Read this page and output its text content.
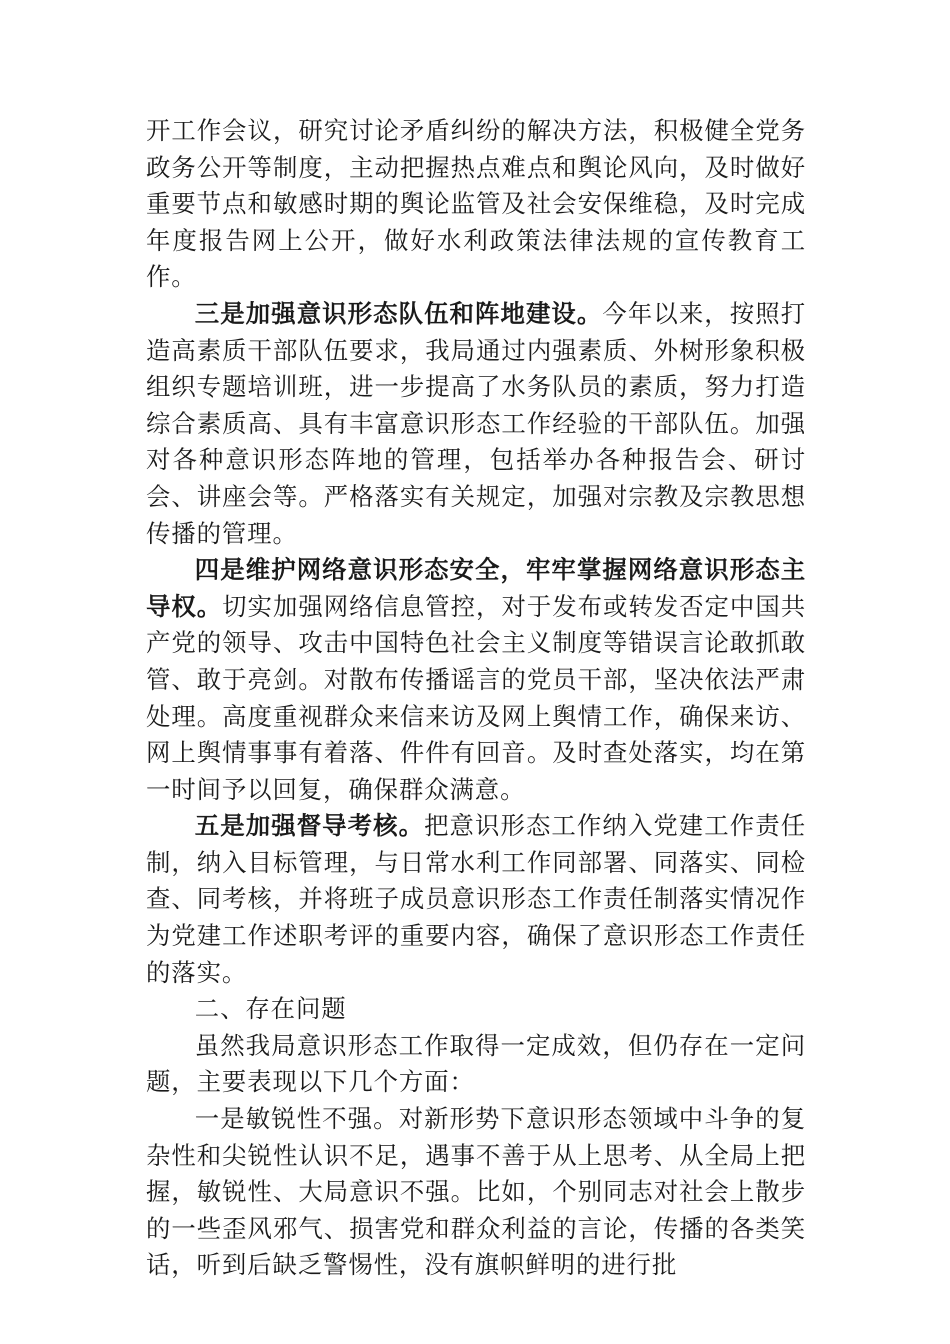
开工作会议，研究讨论矛盾纠纷的解决方法，积极健全党务政务公开等制度，主动把握热点难点和舆论风向，及时做好重要节点和敏感时期的舆论监管及社会安保维稳，及时完成年度报告网上公开，做好水利政策法律法规的宣传教育工作。

三是加强意识形态队伍和阵地建设。今年以来，按照打造高素质干部队伍要求，我局通过内强素质、外树形象积极组织专题培训班，进一步提高了水务队员的素质，努力打造综合素质高、具有丰富意识形态工作经验的干部队伍。加强对各种意识形态阵地的管理，包括举办各种报告会、研讨会、讲座会等。严格落实有关规定，加强对宗教及宗教思想传播的管理。

四是维护网络意识形态安全，牢牢掌握网络意识形态主导权。切实加强网络信息管控，对于发布或转发否定中国共产党的领导、攻击中国特色社会主义制度等错误言论敢抓敢管、敢于亮剑。对散布传播谣言的党员干部，坚决依法严肃处理。高度重视群众来信来访及网上舆情工作，确保来访、网上舆情事事有着落、件件有回音。及时查处落实，均在第一时间予以回复，确保群众满意。

五是加强督导考核。把意识形态工作纳入党建工作责任制，纳入目标管理，与日常水利工作同部署、同落实、同检查、同考核，并将班子成员意识形态工作责任制落实情况作为党建工作述职考评的重要内容，确保了意识形态工作责任的落实。

二、存在问题

虽然我局意识形态工作取得一定成效，但仍存在一定问题，主要表现以下几个方面：

一是敏锐性不强。对新形势下意识形态领域中斗争的复杂性和尖锐性认识不足，遇事不善于从上思考、从全局上把握，敏锐性、大局意识不强。比如，个别同志对社会上散步的一些歪风邪气、损害党和群众利益的言论，传播的各类笑话，听到后缺乏警惕性，没有旗帜鲜明的进行批
